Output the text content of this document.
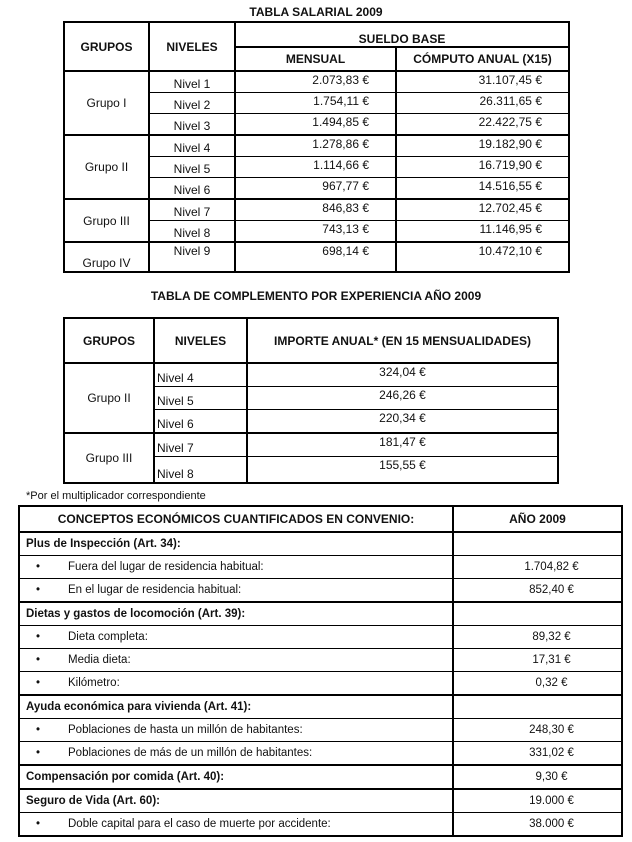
TABLA SALARIAL 2009
GRUPOS	NIVELES	SUELDO BASE	
		MENSUAL	CÓMPUTO ANUAL (X15)
Grupo I	Nivel 1	2.073,83 €	31.107,45 €
	Nivel 2	1.754,11 €	26.311,65 €
	Nivel 3	1.494,85 €	22.422,75 €
Grupo II	Nivel 4	1.278,86 €	19.182,90 €
	Nivel 5	1.114,66 €	16.719,90 €
	Nivel 6	967,77 €	14.516,55 €
Grupo III	Nivel 7	846,83 €	12.702,45 €
	Nivel 8	743,13 €	11.146,95 €
Grupo IV	Nivel 9	698,14 €	10.472,10 €
TABLA DE COMPLEMENTO POR EXPERIENCIA AÑO 2009
GRUPOS	NIVELES	IMPORTE ANUAL* (EN 15 MENSUALIDADES)
Grupo II	Nivel 4	324,04 €
	Nivel 5	246,26 €
	Nivel 6	220,34 €
Grupo III	Nivel 7	181,47 €
	Nivel 8	155,55 €
*Por el multiplicador correspondiente
CONCEPTOS ECONÓMICOS CUANTIFICADOS EN CONVENIO:	AÑO 2009
Plus de Inspección (Art. 34):	
• Fuera del lugar de residencia habitual:	1.704,82 €
• En el lugar de residencia habitual:	852,40 €
Dietas y gastos de locomoción (Art. 39):	
• Dieta completa:	89,32 €
• Media dieta:	17,31 €
• Kilómetro:	0,32 €
Ayuda económica para vivienda (Art. 41):	
• Poblaciones de hasta un millón de habitantes:	248,30 €
• Poblaciones de más de un millón de habitantes:	331,02 €
Compensación por comida (Art. 40):	9,30 €
Seguro de Vida (Art. 60):	19.000 €
• Doble capital para el caso de muerte por accidente:	38.000 €
